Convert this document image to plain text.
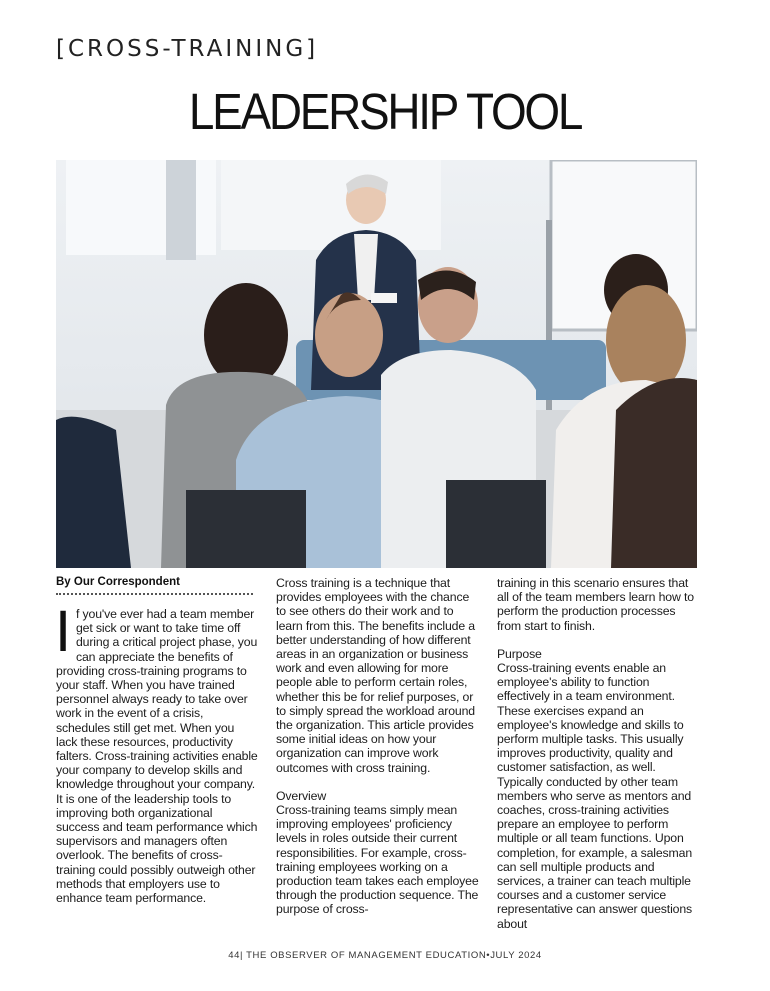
[CROSS-TRAINING]
LEADERSHIP TOOL
By Our Correspondent
I f you've ever had a team member get sick or want to take time off during a critical project phase, you can appreciate the benefits of providing cross-training programs to your staff. When you have trained personnel always ready to take over work in the event of a crisis, schedules still get met. When you lack these resources, productivity falters. Cross-training activities enable your company to develop skills and knowledge throughout your company. It is one of the leadership tools to improving both organizational success and team performance which supervisors and managers often overlook. The benefits of cross-training could possibly outweigh other methods that employers use to enhance team performance.

Cross training is a technique that provides employees with the chance to see others do their work and to learn from this. The benefits include a better understanding of how different areas in an organization or business work and even allowing for more people able to perform certain roles, whether this be for relief purposes, or to simply spread the workload around the organization. This article provides some initial ideas on how your organization can improve work outcomes with cross training.

Overview

Cross-training teams simply mean improving employees' proficiency levels in roles outside their current responsibilities. For example, cross-training employees working on a production team takes each employee through the production sequence. The purpose of cross-

training in this scenario ensures that all of the team members learn how to perform the production processes from start to finish.

Purpose

Cross-training events enable an employee's ability to function effectively in a team environment. These exercises expand an employee's knowledge and skills to perform multiple tasks. This usually improves productivity, quality and customer satisfaction, as well. Typically conducted by other team members who serve as mentors and coaches, cross-training activities prepare an employee to perform multiple or all team functions. Upon completion, for example, a salesman can sell multiple products and services, a trainer can teach multiple courses and a customer service representative can answer questions about

44| THE OBSERVER OF MANAGEMENT EDUCATION•JULY 2024
